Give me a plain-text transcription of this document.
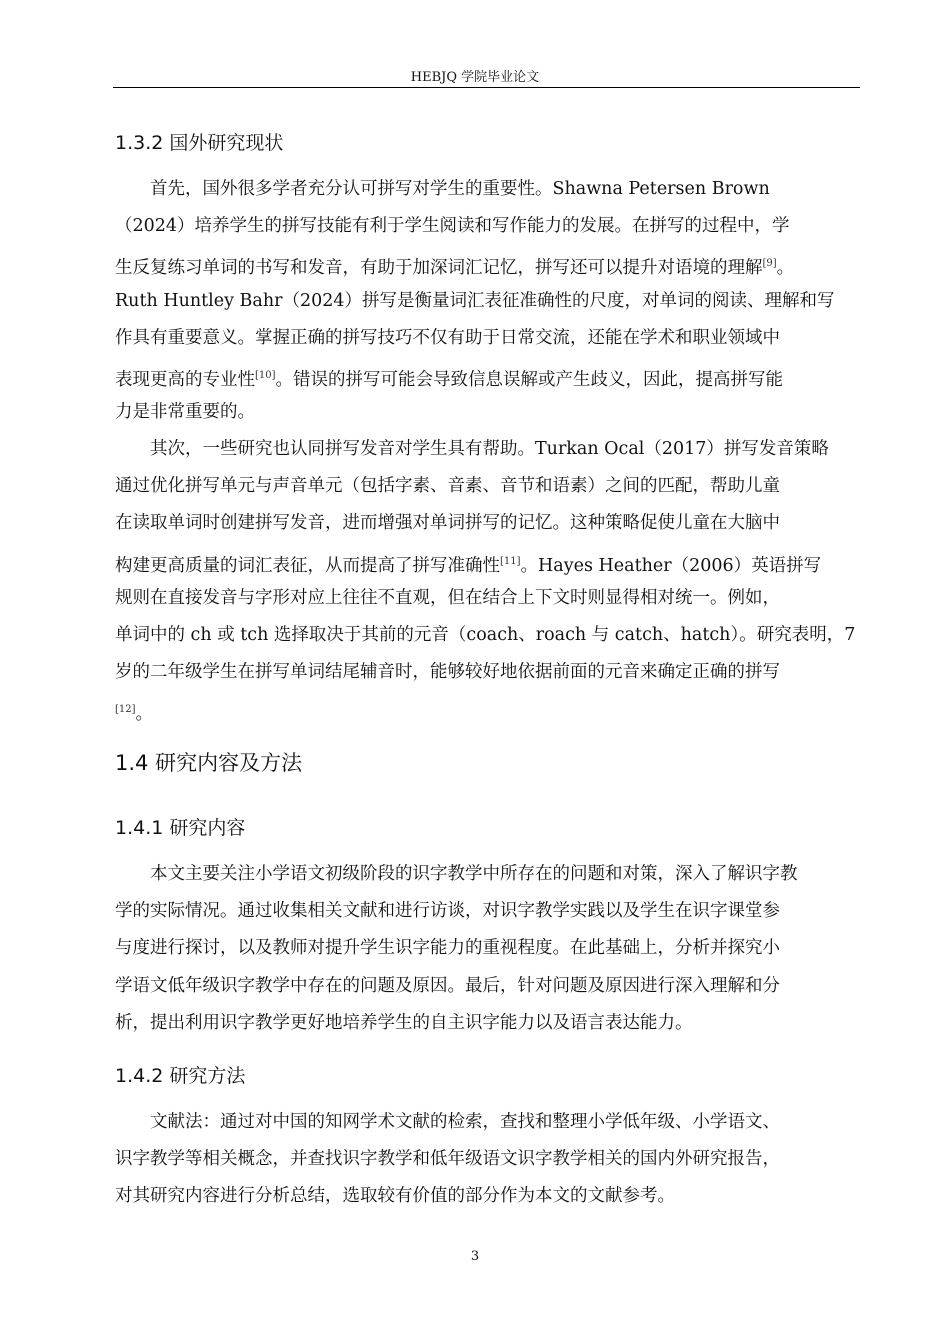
HEBJQ 学院毕业论文
1.3.2 国外研究现状
　　首先，国外很多学者充分认可拼写对学生的重要性。Shawna Petersen Brown
（2024）培养学生的拼写技能有利于学生阅读和写作能力的发展。在拼写的过程中，学
生反复练习单词的书写和发音，有助于加深词汇记忆，拼写还可以提升对语境的理解[9]。
Ruth Huntley Bahr（2024）拼写是衡量词汇表征准确性的尺度，对单词的阅读、理解和写
作具有重要意义。掌握正确的拼写技巧不仅有助于日常交流，还能在学术和职业领域中
表现更高的专业性[10]。错误的拼写可能会导致信息误解或产生歧义，因此，提高拼写能
力是非常重要的。
　　其次，一些研究也认同拼写发音对学生具有帮助。Turkan Ocal（2017）拼写发音策略
通过优化拼写单元与声音单元（包括字素、音素、音节和语素）之间的匹配，帮助儿童
在读取单词时创建拼写发音，进而增强对单词拼写的记忆。这种策略促使儿童在大脑中
构建更高质量的词汇表征，从而提高了拼写准确性[11]。Hayes Heather（2006）英语拼写
规则在直接发音与字形对应上往往不直观，但在结合上下文时则显得相对统一。例如，
单词中的 ch 或 tch 选择取决于其前的元音（coach、roach 与 catch、hatch）。研究表明，7
岁的二年级学生在拼写单词结尾辅音时，能够较好地依据前面的元音来确定正确的拼写
[12]。
1.4 研究内容及方法
1.4.1 研究内容
　　本文主要关注小学语文初级阶段的识字教学中所存在的问题和对策，深入了解识字教
学的实际情况。通过收集相关文献和进行访谈，对识字教学实践以及学生在识字课堂参
与度进行探讨，以及教师对提升学生识字能力的重视程度。在此基础上，分析并探究小
学语文低年级识字教学中存在的问题及原因。最后，针对问题及原因进行深入理解和分
析，提出利用识字教学更好地培养学生的自主识字能力以及语言表达能力。
1.4.2 研究方法
　　文献法：通过对中国的知网学术文献的检索，查找和整理小学低年级、小学语文、
识字教学等相关概念，并查找识字教学和低年级语文识字教学相关的国内外研究报告，
对其研究内容进行分析总结，选取较有价值的部分作为本文的文献参考。
3
